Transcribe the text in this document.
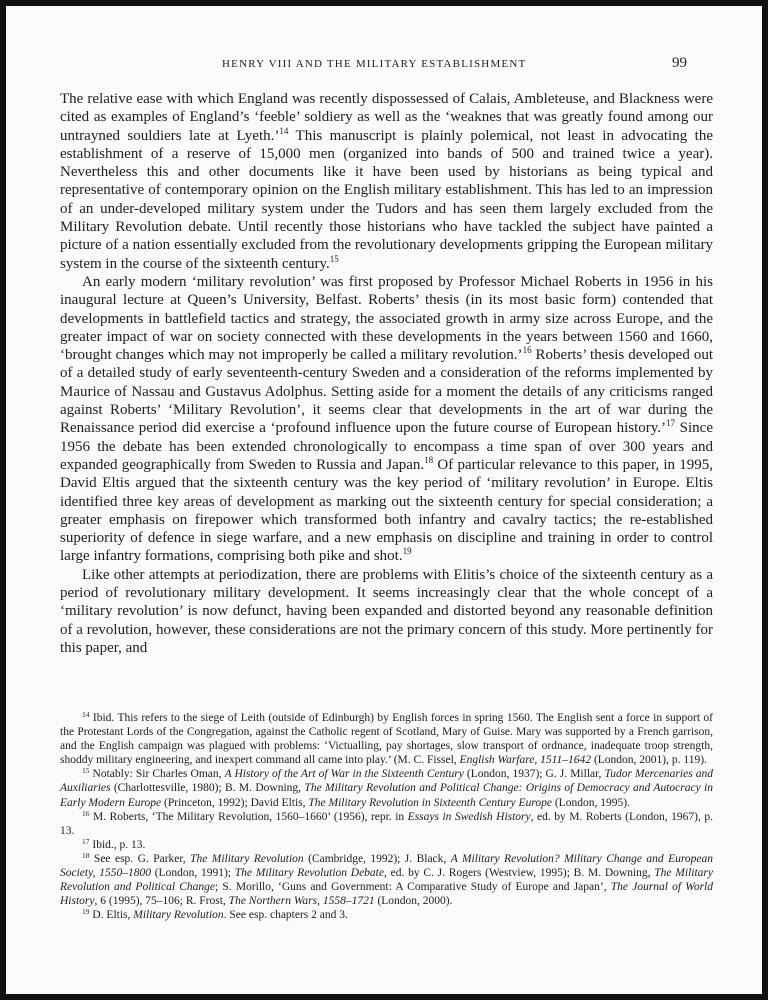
HENRY VIII AND THE MILITARY ESTABLISHMENT	99

The relative ease with which England was recently dispossessed of Calais, Ambleteuse, and Blackness were cited as examples of England’s ‘feeble’ soldiery as well as the ‘weaknes that was greatly found among our untrayned souldiers late at Lyeth.’$^{14}$ This manuscript is plainly polemical, not least in advocating the establishment of a reserve of 15,000 men (organized into bands of 500 and trained twice a year). Nevertheless this and other documents like it have been used by historians as being typical and representative of contemporary opinion on the English military establishment. This has led to an impression of an under-developed military system under the Tudors and has seen them largely excluded from the Military Revolution debate. Until recently those historians who have tackled the subject have painted a picture of a nation essentially excluded from the revolutionary developments gripping the European military system in the course of the sixteenth century.$^{15}$

An early modern ‘military revolution’ was first proposed by Professor Michael Roberts in 1956 in his inaugural lecture at Queen’s University, Belfast. Roberts’ thesis (in its most basic form) contended that developments in battlefield tactics and strategy, the associated growth in army size across Europe, and the greater impact of war on society connected with these developments in the years between 1560 and 1660, ‘brought changes which may not improperly be called a military revolution.’$^{16}$ Roberts’ thesis developed out of a detailed study of early seventeenth-century Sweden and a consideration of the reforms implemented by Maurice of Nassau and Gustavus Adolphus. Setting aside for a moment the details of any criticisms ranged against Roberts’ ‘Military Revolution’, it seems clear that developments in the art of war during the Renaissance period did exercise a ‘profound influence upon the future course of European history.’$^{17}$ Since 1956 the debate has been extended chronologically to encompass a time span of over 300 years and expanded geographically from Sweden to Russia and Japan.$^{18}$ Of particular relevance to this paper, in 1995, David Eltis argued that the sixteenth century was the key period of ‘military revolution’ in Europe. Eltis identified three key areas of development as marking out the sixteenth century for special consideration; a greater emphasis on firepower which transformed both infantry and cavalry tactics; the re-established superiority of defence in siege warfare, and a new emphasis on discipline and training in order to control large infantry formations, comprising both pike and shot.$^{19}$

Like other attempts at periodization, there are problems with Elitis’s choice of the sixteenth century as a period of revolutionary military development. It seems increasingly clear that the whole concept of a ‘military revolution’ is now defunct, having been expanded and distorted beyond any reasonable definition of a revolution, however, these considerations are not the primary concern of this study. More pertinently for this paper, and

$^{14}$ Ibid. This refers to the siege of Leith (outside of Edinburgh) by English forces in spring 1560. The English sent a force in support of the Protestant Lords of the Congregation, against the Catholic regent of Scotland, Mary of Guise. Mary was supported by a French garrison, and the English campaign was plagued with problems: ‘Victualling, pay shortages, slow transport of ordnance, inadequate troop strength, shoddy military engineering, and inexpert command all came into play.’ (M. C. Fissel, English Warfare, 1511–1642 (London, 2001), p. 119).

$^{15}$ Notably: Sir Charles Oman, A History of the Art of War in the Sixteenth Century (London, 1937); G. J. Millar, Tudor Mercenaries and Auxiliaries (Charlottesville, 1980); B. M. Downing, The Military Revolution and Political Change: Origins of Democracy and Autocracy in Early Modern Europe (Princeton, 1992); David Eltis, The Military Revolution in Sixteenth Century Europe (London, 1995).

$^{16}$ M. Roberts, ‘The Military Revolution, 1560–1660’ (1956), repr. in Essays in Swedish History, ed. by M. Roberts (London, 1967), p. 13.

$^{17}$ Ibid., p. 13.

$^{18}$ See esp. G. Parker, The Military Revolution (Cambridge, 1992); J. Black, A Military Revolution? Military Change and European Society, 1550–1800 (London, 1991); The Military Revolution Debate, ed. by C. J. Rogers (Westview, 1995); B. M. Downing, The Military Revolution and Political Change; S. Morillo, ‘Guns and Government: A Comparative Study of Europe and Japan’, The Journal of World History, 6 (1995), 75–106; R. Frost, The Northern Wars, 1558–1721 (London, 2000).

$^{19}$ D. Eltis, Military Revolution. See esp. chapters 2 and 3.
